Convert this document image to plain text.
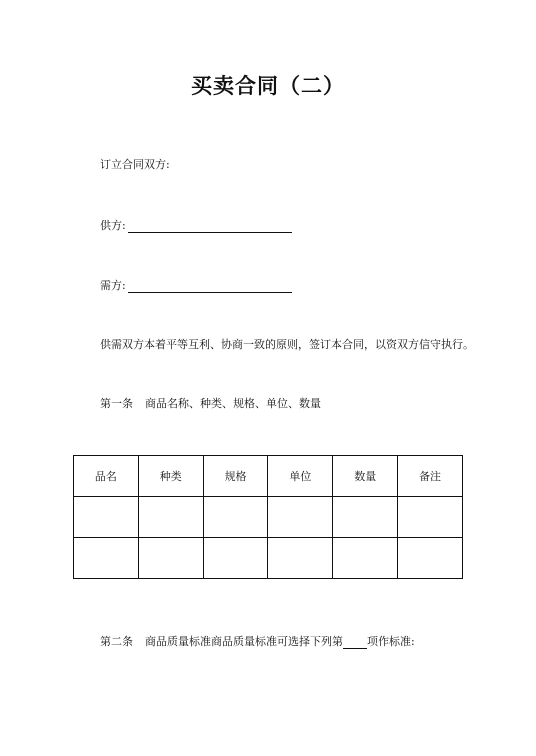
买卖合同（二）
订立合同双方:
供方:
需方:
供需双方本着平等互利、协商一致的原则，签订本合同，以资双方信守执行。
第一条 商品名称、种类、规格、单位、数量
品名	种类	规格	单位	数量	备注

第二条 商品质量标准商品质量标准可选择下列第 项作标准:
